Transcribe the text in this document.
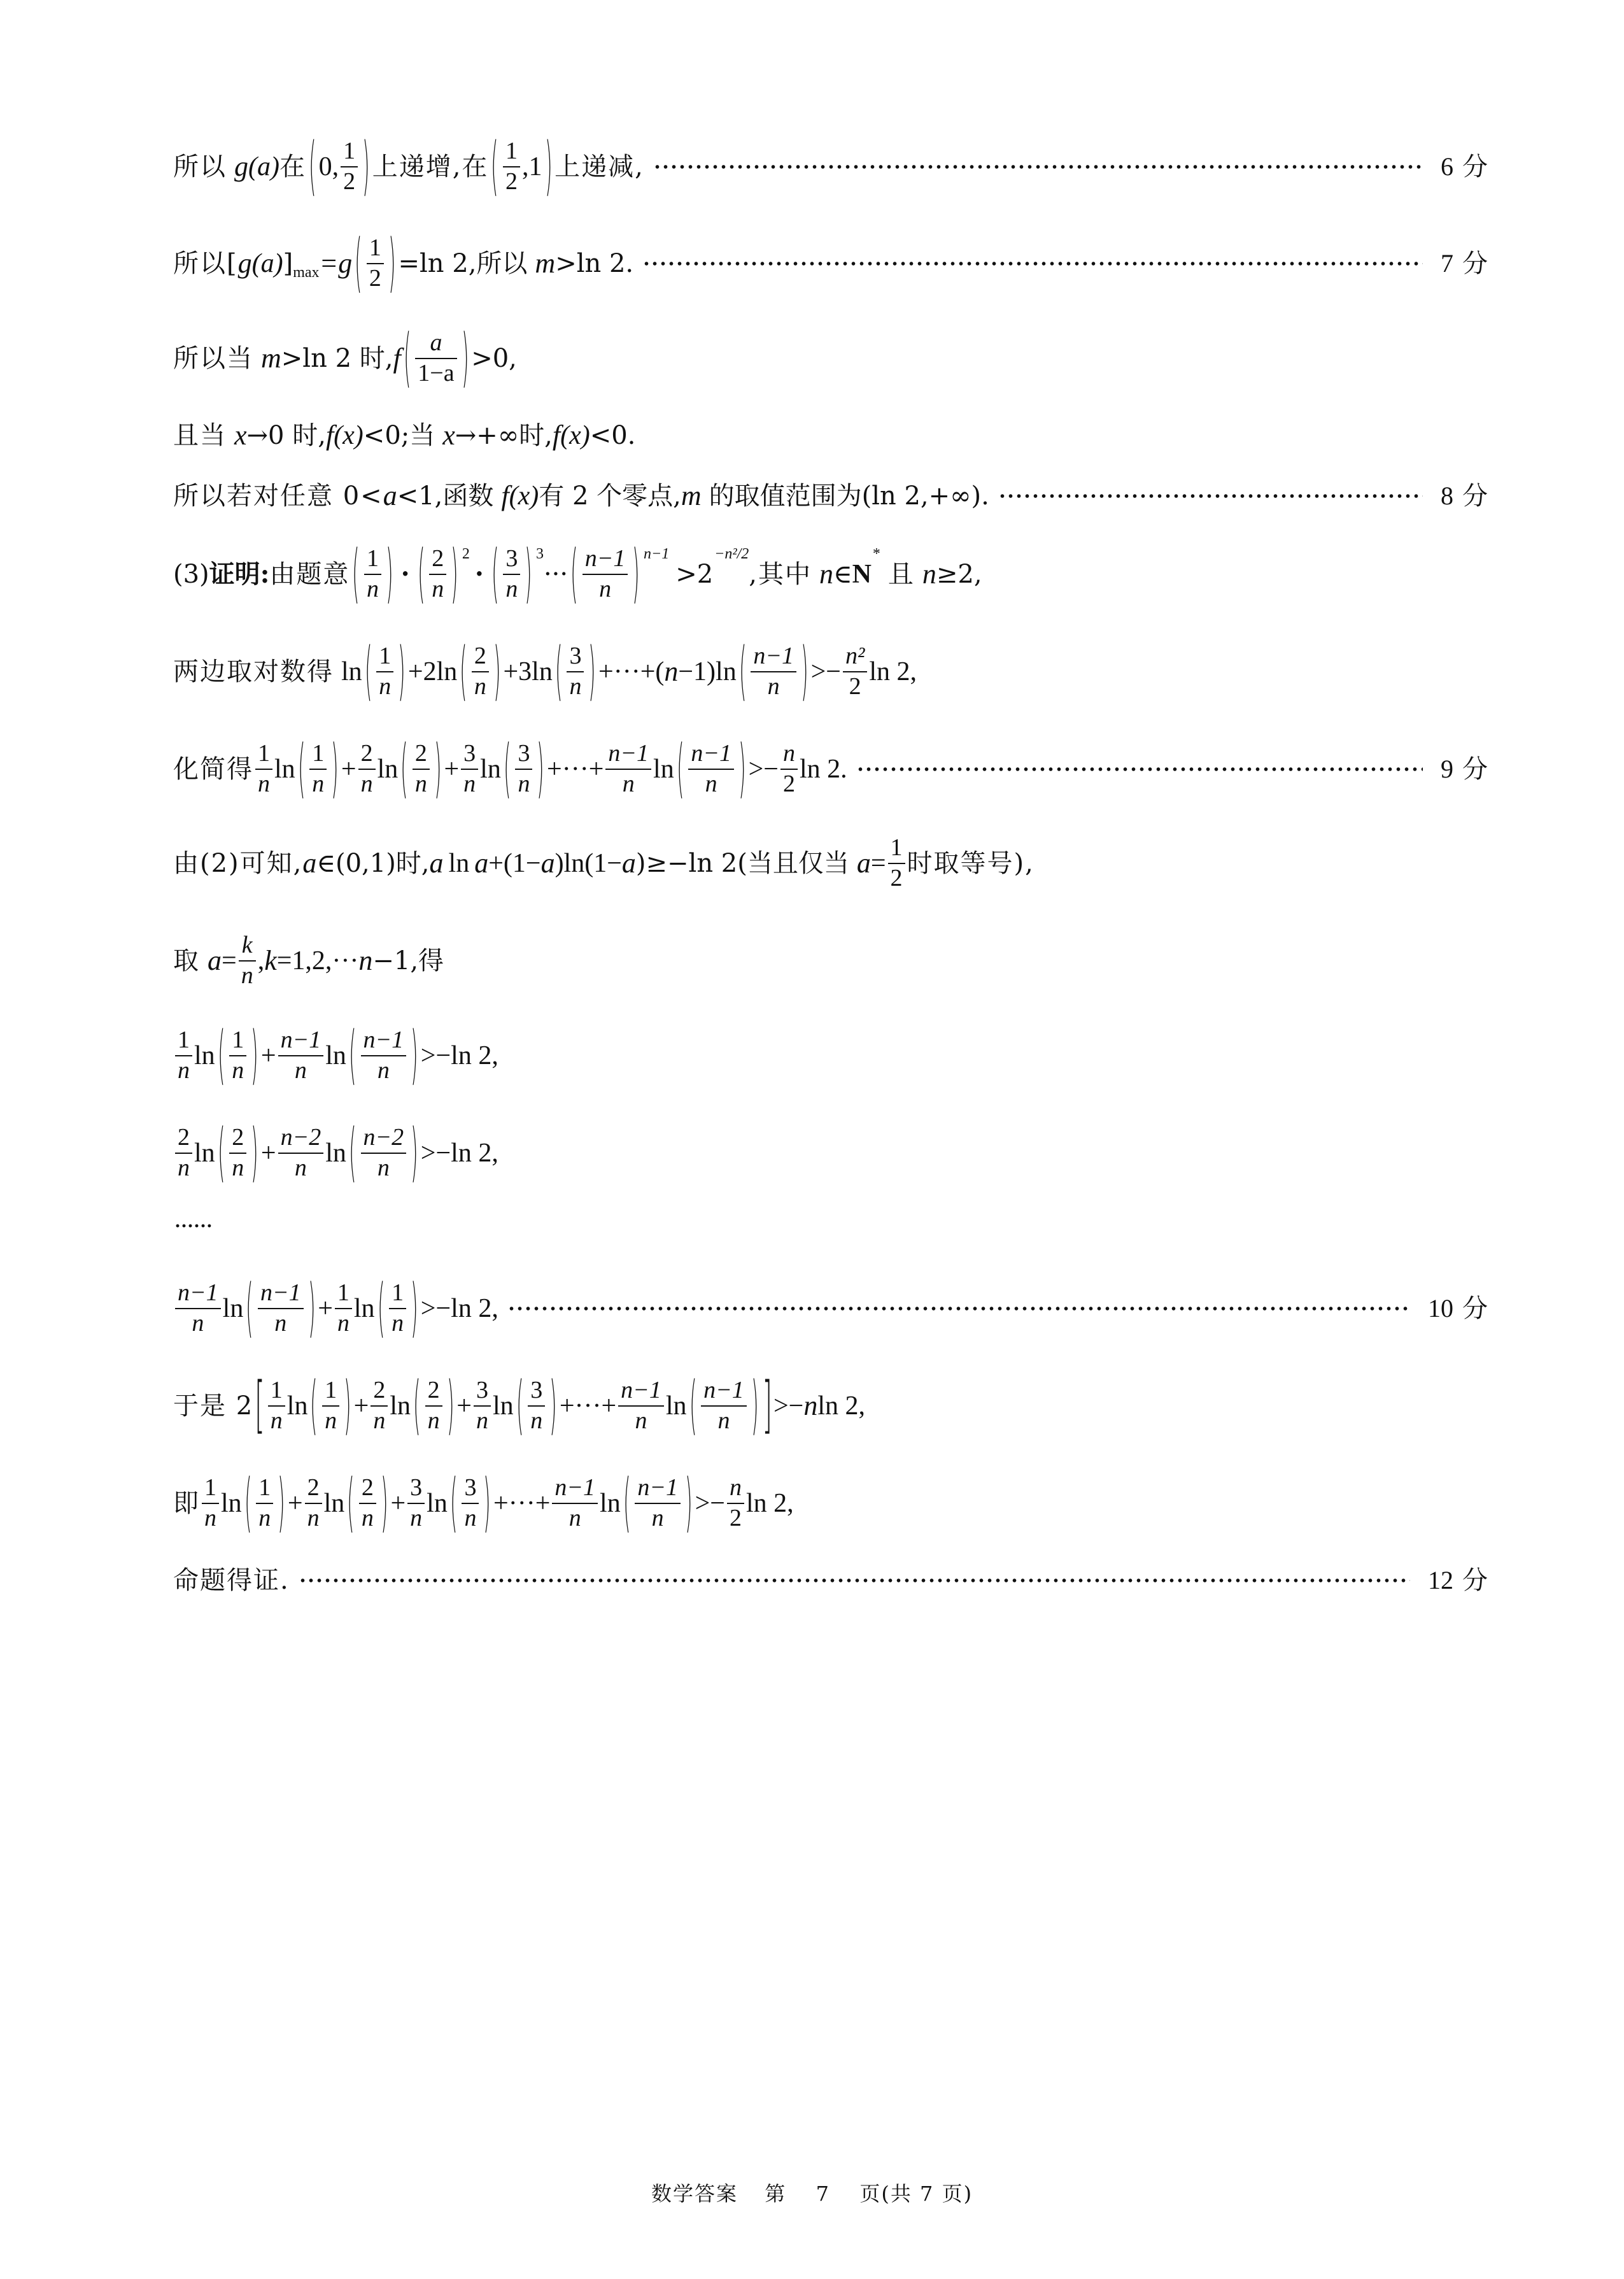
所以 g (a) 在 ( 0, $\frac{1}{2}$ ) 上递增,在 ( $\frac{1}{2} ,1$ ) 上递减,	6 分
所以[ g (a) ] max =g ( $\frac{1}{2}$ ) =ln 2,所以 m >ln 2.	7 分
所以当 m >ln 2 时, f ( $\frac{a}{1-a}$ ) >0,
且当 x →0 时, f (x) <0;当 x →+∞时, f (x) <0.
所以若对任意 0< a <1,函数 f (x) 有 2 个零点, m 的取值范围为(ln 2,+∞).	8 分
(3) 证明: 由题意 ( $\frac{1}{n}$ ) · ( $\frac{2}{n}$ ) 2
· ( $\frac{3}{n}$ ) 3
··· ( $\frac{n-1}{n}$ ) n−1
>2
−n²/2
,其中 n ∈ N
*
且 n ≥2,
两边取对数得 ln ( $\frac{1}{n}$ ) +2ln ( $\frac{2}{n}$ ) +3ln ( $\frac{3}{n}$ ) +···+( n −1)ln ( $\frac{n-1}{n}$ ) >− $\frac{\text{n²}}{2}$ ln 2,
化简得 $\frac{1}{n}$ ln ( $\frac{1}{n}$ ) + $\frac{2}{n}$ ln ( $\frac{2}{n}$ ) + $\frac{3}{n}$ ln ( $\frac{3}{n}$ ) +···+ $\frac{n-1}{n}$ ln ( $\frac{n-1}{n}$ ) >− $\frac{n}{2}$ ln 2.	9 分
由(2)可知, a ∈(0,1)时, a ln a +(1− a )ln(1− a )≥−ln 2(当且仅当 $a = \frac{1}{2}$ 时取等号),
取 $a = \frac{k}{n}$ , k =1,2,··· n −1,得
$\frac{1}{n}$ ln ( $\frac{1}{n}$ ) + $\frac{n-1}{n}$ ln ( $\frac{n-1}{n}$ ) >−ln 2,
$\frac{2}{n}$ ln ( $\frac{2}{n}$ ) + $\frac{n-2}{n}$ ln ( $\frac{n-2}{n}$ ) >−ln 2,
······
$\frac{n-1}{n}$ ln ( $\frac{n-1}{n}$ ) + $\frac{1}{n}$ ln ( $\frac{1}{n}$ ) >−ln 2,	10 分
于是 2 [ $\frac{1}{n}$ ln ( $\frac{1}{n}$ ) + $\frac{2}{n}$ ln ( $\frac{2}{n}$ ) + $\frac{3}{n}$ ln ( $\frac{3}{n}$ ) +···+ $\frac{n-1}{n}$ ln ( $\frac{n-1}{n}$ ) ] >− n ln 2,
即 $\frac{1}{n}$ ln ( $\frac{1}{n}$ ) + $\frac{2}{n}$ ln ( $\frac{2}{n}$ ) + $\frac{3}{n}$ ln ( $\frac{3}{n}$ ) +···+ $\frac{n-1}{n}$ ln ( $\frac{n-1}{n}$ ) >− $\frac{n}{2}$ ln 2,
命题得证.	12 分
数学答案 第 7 页(共 7 页)
